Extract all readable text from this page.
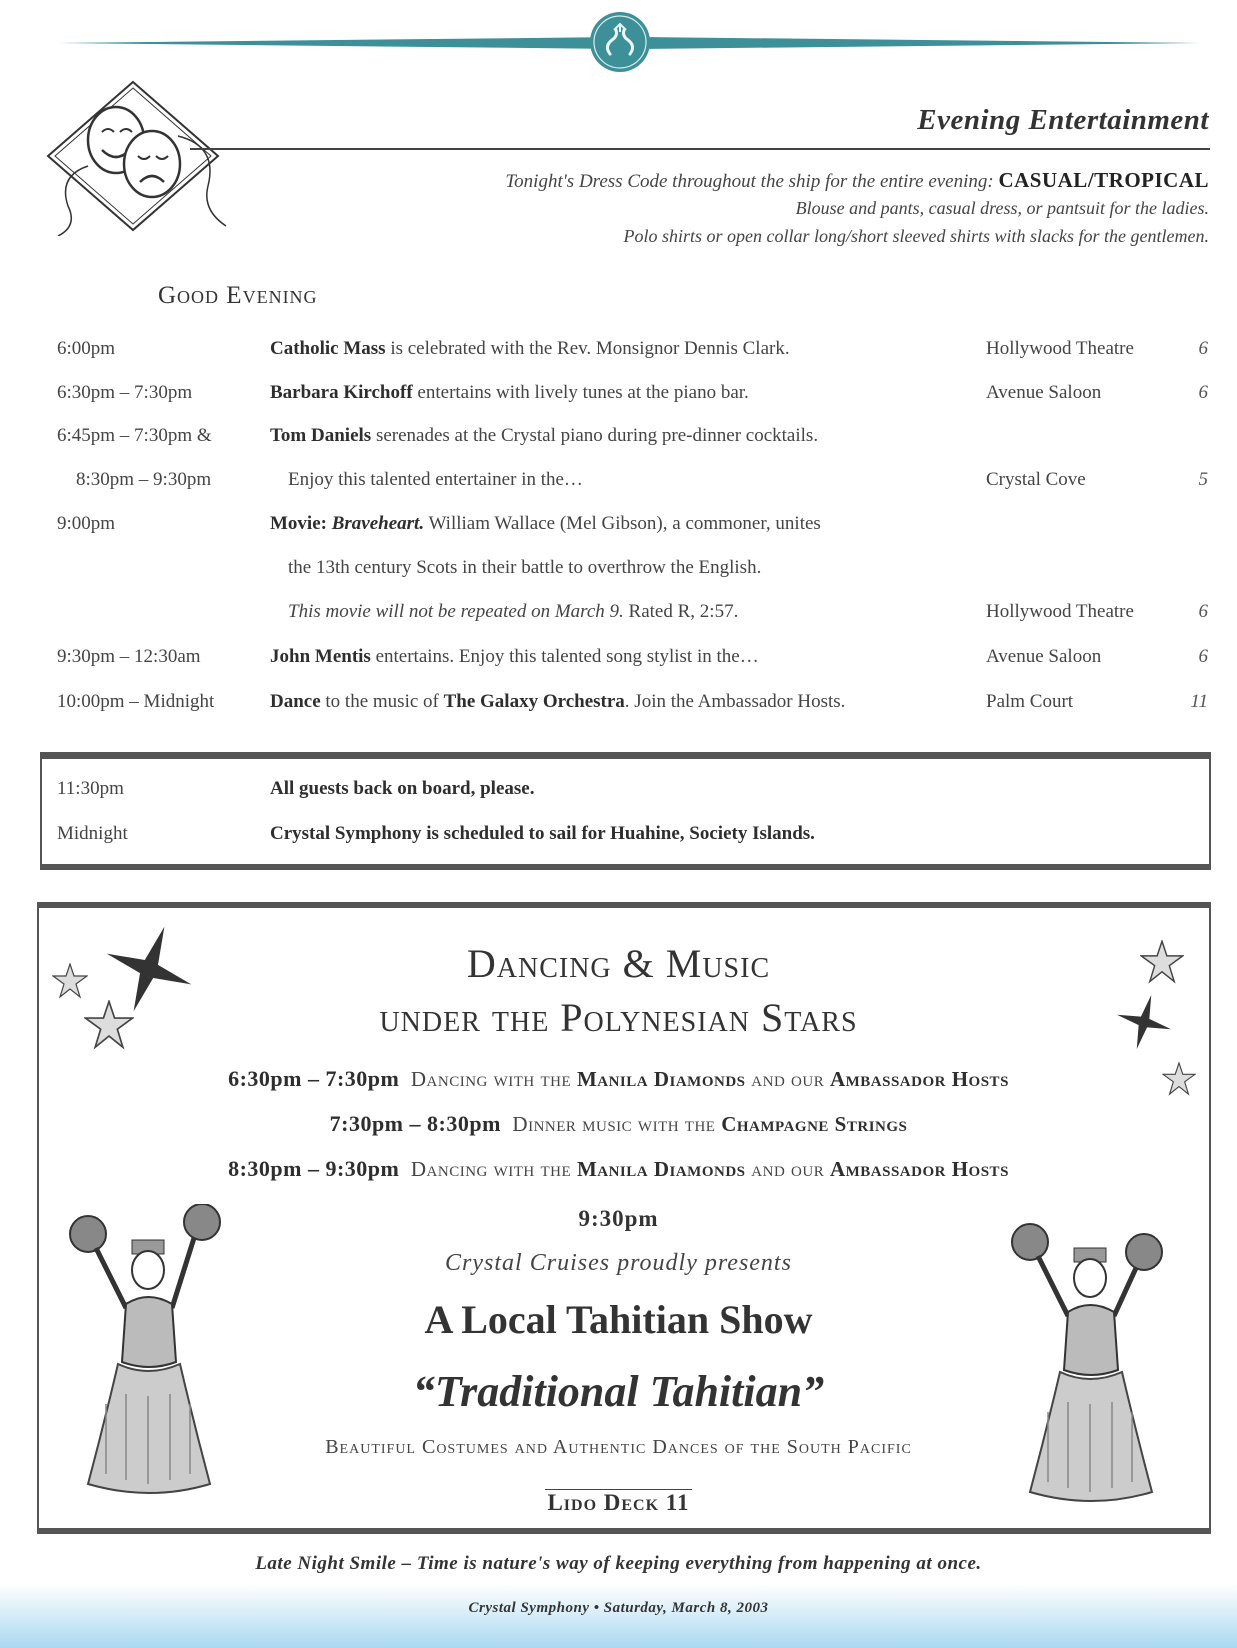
Evening Entertainment
Tonight's Dress Code throughout the ship for the entire evening: CASUAL/TROPICAL
Blouse and pants, casual dress, or pantsuit for the ladies.
Polo shirts or open collar long/short sleeved shirts with slacks for the gentlemen.
Good Evening
6:00pm	Catholic Mass is celebrated with the Rev. Monsignor Dennis Clark.	Hollywood Theatre	6
6:30pm – 7:30pm	Barbara Kirchoff entertains with lively tunes at the piano bar.	Avenue Saloon	6
6:45pm – 7:30pm &	Tom Daniels serenades at the Crystal piano during pre-dinner cocktails.
8:30pm – 9:30pm	Enjoy this talented entertainer in the…	Crystal Cove	5
9:00pm	Movie: Braveheart. William Wallace (Mel Gibson), a commoner, unites
the 13th century Scots in their battle to overthrow the English.
This movie will not be repeated on March 9. Rated R, 2:57.	Hollywood Theatre	6
9:30pm – 12:30am	John Mentis entertains. Enjoy this talented song stylist in the…	Avenue Saloon	6
10:00pm – Midnight	Dance to the music of The Galaxy Orchestra. Join the Ambassador Hosts.	Palm Court	11
11:30pm	All guests back on board, please.
Midnight	Crystal Symphony is scheduled to sail for Huahine, Society Islands.
Dancing & Music
under the Polynesian Stars
6:30pm – 7:30pm Dancing with the Manila Diamonds and our Ambassador Hosts
7:30pm – 8:30pm Dinner music with the Champagne Strings
8:30pm – 9:30pm Dancing with the Manila Diamonds and our Ambassador Hosts
9:30pm
Crystal Cruises proudly presents
A Local Tahitian Show
“Traditional Tahitian”
Beautiful Costumes and Authentic Dances of the South Pacific
Lido Deck 11
Late Night Smile – Time is nature's way of keeping everything from happening at once.
Crystal Symphony • Saturday, March 8, 2003
